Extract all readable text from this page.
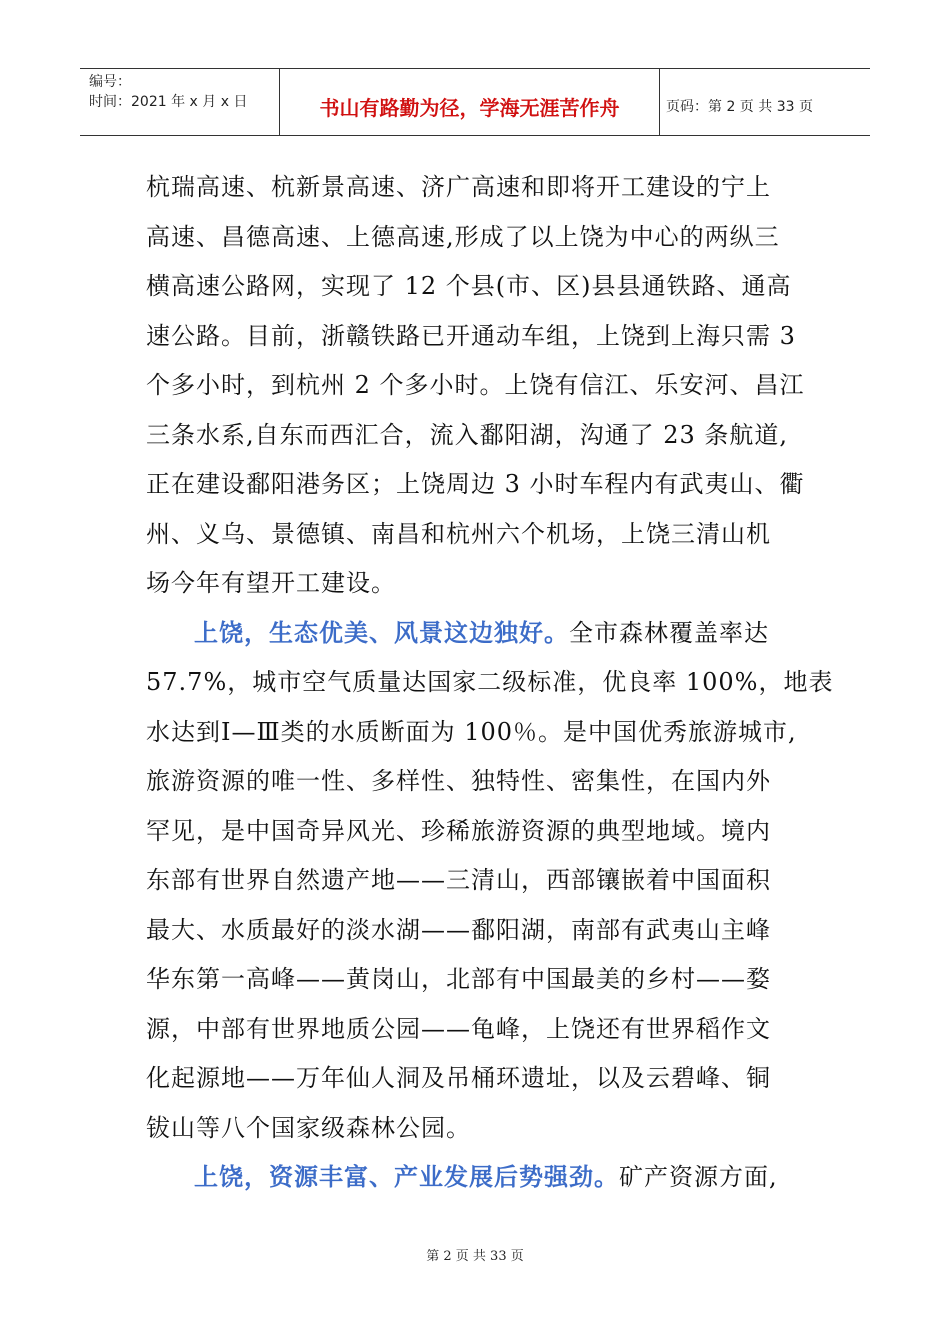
编号：
时间：2021 年 x 月 x 日	书山有路勤为径，学海无涯苦作舟	页码：第 2 页 共 33 页
杭瑞高速、杭新景高速、济广高速和即将开工建设的宁上
高速、昌德高速、上德高速,形成了以上饶为中心的两纵三
横高速公路网，实现了 12 个县(市、区)县县通铁路、通高
速公路。目前，浙赣铁路已开通动车组，上饶到上海只需 3
个多小时，到杭州 2 个多小时。上饶有信江、乐安河、昌江
三条水系,自东而西汇合，流入鄱阳湖，沟通了 23 条航道,
正在建设鄱阳港务区；上饶周边 3 小时车程内有武夷山、衢
州、义乌、景德镇、南昌和杭州六个机场，上饶三清山机
场今年有望开工建设。
上饶，生态优美、风景这边独好。全市森林覆盖率达
57.7%，城市空气质量达国家二级标准，优良率 100%，地表
水达到Ⅰ—Ⅲ类的水质断面为 100％。是中国优秀旅游城市,
旅游资源的唯一性、多样性、独特性、密集性，在国内外
罕见，是中国奇异风光、珍稀旅游资源的典型地域。境内
东部有世界自然遗产地——三清山，西部镶嵌着中国面积
最大、水质最好的淡水湖——鄱阳湖，南部有武夷山主峰
华东第一高峰——黄岗山，北部有中国最美的乡村——婺
源，中部有世界地质公园——龟峰，上饶还有世界稻作文
化起源地——万年仙人洞及吊桶环遗址，以及云碧峰、铜
钹山等八个国家级森林公园。
上饶，资源丰富、产业发展后势强劲。矿产资源方面,
第 2 页 共 33 页
